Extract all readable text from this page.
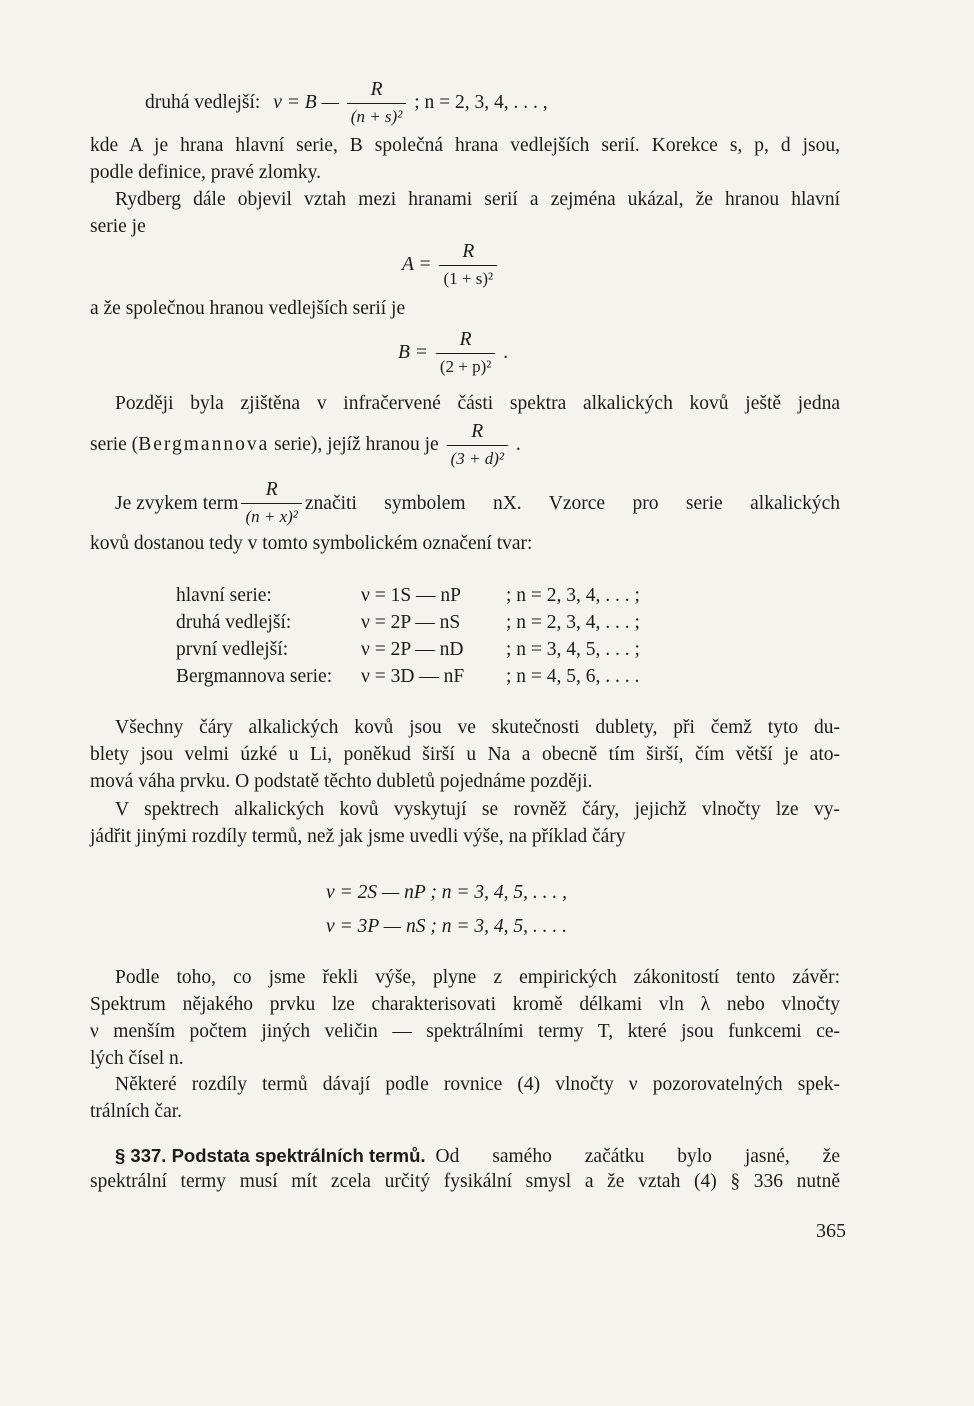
druhá vedlejší: ν = B — $\frac{R}{\text{(n + s)²}}$ ; n = 2, 3, 4, . . . ,
kde A je hrana hlavní serie, B společná hrana vedlejších serií. Korekce s, p, d jsou,
podle definice, pravé zlomky.
Rydberg dále objevil vztah mezi hranami serií a zejména ukázal, že hranou hlavní
serie je
$A = \frac{R}{\text{(1 + s)²}}$
a že společnou hranou vedlejších serií je
$B = \frac{R}{\text{(2 + p)²}}$ .
Později byla zjištěna v infračervené části spektra alkalických kovů ještě jedna
serie (Bergmannova serie), jejíž hranou je $\frac{R}{\text{(3 + d)²}}$ .
Je zvykem term $\frac{R}{\text{(n + x)²}}$ značiti symbolem nX. Vzorce pro serie alkalických
kovů dostanou tedy v tomto symbolickém označení tvar:
hlavní serie:	ν = 1S — nP ; n = 2, 3, 4, . . . ;
druhá vedlejší:	ν = 2P — nS ; n = 2, 3, 4, . . . ;
první vedlejší:	ν = 2P — nD ; n = 3, 4, 5, . . . ;
Bergmannova serie: ν = 3D — nF ; n = 4, 5, 6, . . . .
Všechny čáry alkalických kovů jsou ve skutečnosti dublety, při čemž tyto du-
blety jsou velmi úzké u Li, poněkud širší u Na a obecně tím širší, čím větší je ato-
mová váha prvku. O podstatě těchto dubletů pojednáme později.
V spektrech alkalických kovů vyskytují se rovněž čáry, jejichž vlnočty lze vy-
jádřit jinými rozdíly termů, než jak jsme uvedli výše, na příklad čáry
ν = 2S — nP ; n = 3, 4, 5, . . . ,
ν = 3P — nS ; n = 3, 4, 5, . . . .
Podle toho, co jsme řekli výše, plyne z empirických zákonitostí tento závěr:
Spektrum nějakého prvku lze charakterisovati kromě délkami vln λ nebo vlnočty
ν menším počtem jiných veličin — spektrálními termy T, které jsou funkcemi ce-
lých čísel n.
Některé rozdíly termů dávají podle rovnice (4) vlnočty ν pozorovatelných spek-
trálních čar.
§ 337. Podstata spektrálních termů. Od samého začátku bylo jasné, že
spektrální termy musí mít zcela určitý fysikální smysl a že vztah (4) § 336 nutně
365
